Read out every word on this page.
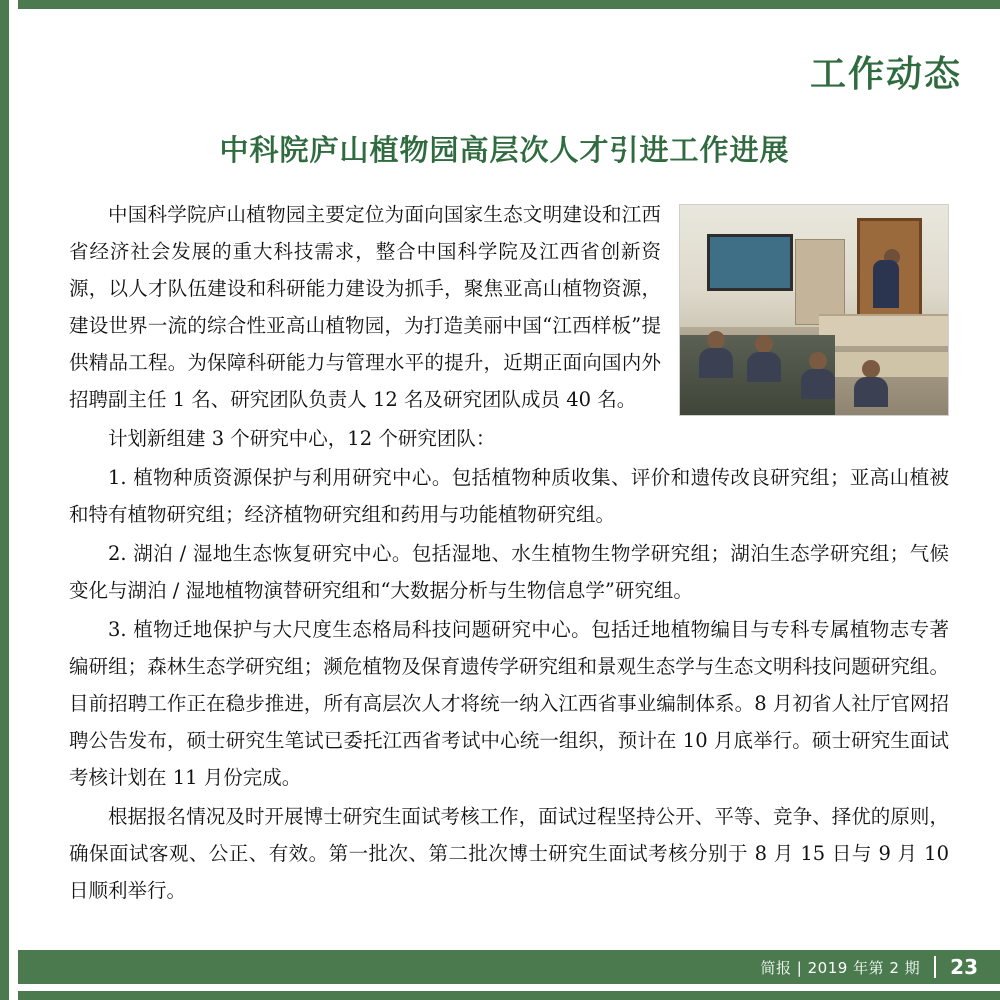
工作动态
中科院庐山植物园高层次人才引进工作进展

中国科学院庐山植物园主要定位为面向国家生态文明建设和江西省经济社会发展的重大科技需求，整合中国科学院及江西省创新资源，以人才队伍建设和科研能力建设为抓手，聚焦亚高山植物资源，建设世界一流的综合性亚高山植物园，为打造美丽中国“江西样板”提供精品工程。为保障科研能力与管理水平的提升，近期正面向国内外招聘副主任 1 名、研究团队负责人 12 名及研究团队成员 40 名。

计划新组建 3 个研究中心，12 个研究团队：

1. 植物种质资源保护与利用研究中心。包括植物种质收集、评价和遗传改良研究组；亚高山植被和特有植物研究组；经济植物研究组和药用与功能植物研究组。

2. 湖泊 / 湿地生态恢复研究中心。包括湿地、水生植物生物学研究组；湖泊生态学研究组；气候变化与湖泊 / 湿地植物演替研究组和“大数据分析与生物信息学”研究组。

3. 植物迁地保护与大尺度生态格局科技问题研究中心。包括迁地植物编目与专科专属植物志专著编研组；森林生态学研究组；濒危植物及保育遗传学研究组和景观生态学与生态文明科技问题研究组。目前招聘工作正在稳步推进，所有高层次人才将统一纳入江西省事业编制体系。8 月初省人社厅官网招聘公告发布，硕士研究生笔试已委托江西省考试中心统一组织，预计在 10 月底举行。硕士研究生面试考核计划在 11 月份完成。

根据报名情况及时开展博士研究生面试考核工作，面试过程坚持公开、平等、竞争、择优的原则，确保面试客观、公正、有效。第一批次、第二批次博士研究生面试考核分别于 8 月 15 日与 9 月 10 日顺利举行。

简报 | 2019 年第 2 期 23
